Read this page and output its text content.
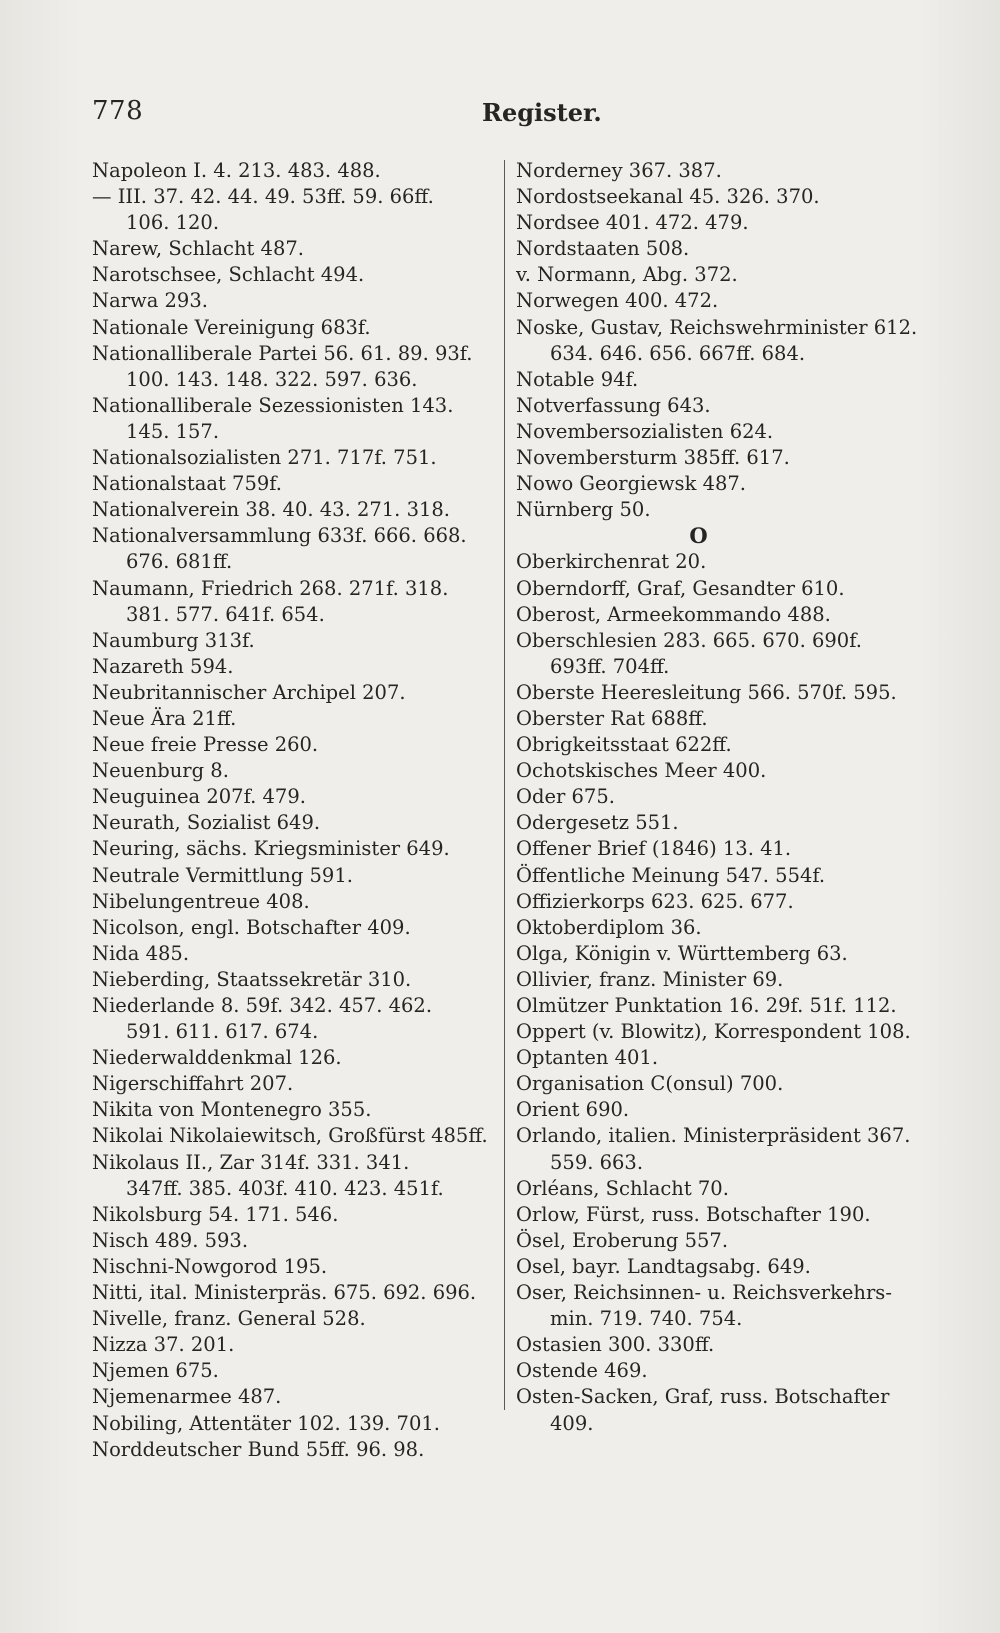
778	Register.
Napoleon I. 4. 213. 483. 488.
— III. 37. 42. 44. 49. 53ff. 59. 66ff.
106. 120.
Narew, Schlacht 487.
Narotschsee, Schlacht 494.
Narwa 293.
Nationale Vereinigung 683f.
Nationalliberale Partei 56. 61. 89. 93f.
100. 143. 148. 322. 597. 636.
Nationalliberale Sezessionisten 143.
145. 157.
Nationalsozialisten 271. 717f. 751.
Nationalstaat 759f.
Nationalverein 38. 40. 43. 271. 318.
Nationalversammlung 633f. 666. 668.
676. 681ff.
Naumann, Friedrich 268. 271f. 318.
381. 577. 641f. 654.
Naumburg 313f.
Nazareth 594.
Neubritannischer Archipel 207.
Neue Ära 21ff.
Neue freie Presse 260.
Neuenburg 8.
Neuguinea 207f. 479.
Neurath, Sozialist 649.
Neuring, sächs. Kriegsminister 649.
Neutrale Vermittlung 591.
Nibelungentreue 408.
Nicolson, engl. Botschafter 409.
Nida 485.
Nieberding, Staatssekretär 310.
Niederlande 8. 59f. 342. 457. 462.
591. 611. 617. 674.
Niederwalddenkmal 126.
Nigerschiffahrt 207.
Nikita von Montenegro 355.
Nikolai Nikolaiewitsch, Großfürst 485ff.
Nikolaus II., Zar 314f. 331. 341.
347ff. 385. 403f. 410. 423. 451f.
Nikolsburg 54. 171. 546.
Nisch 489. 593.
Nischni-Nowgorod 195.
Nitti, ital. Ministerpräs. 675. 692. 696.
Nivelle, franz. General 528.
Nizza 37. 201.
Njemen 675.
Njemenarmee 487.
Nobiling, Attentäter 102. 139. 701.
Norddeutscher Bund 55ff. 96. 98.
Norderney 367. 387.
Nordostseekanal 45. 326. 370.
Nordsee 401. 472. 479.
Nordstaaten 508.
v. Normann, Abg. 372.
Norwegen 400. 472.
Noske, Gustav, Reichswehrminister 612.
634. 646. 656. 667ff. 684.
Notable 94f.
Notverfassung 643.
Novembersozialisten 624.
Novembersturm 385ff. 617.
Nowo Georgiewsk 487.
Nürnberg 50.
O
Oberkirchenrat 20.
Oberndorff, Graf, Gesandter 610.
Oberost, Armeekommando 488.
Oberschlesien 283. 665. 670. 690f.
693ff. 704ff.
Oberste Heeresleitung 566. 570f. 595.
Oberster Rat 688ff.
Obrigkeitsstaat 622ff.
Ochotskisches Meer 400.
Oder 675.
Odergesetz 551.
Offener Brief (1846) 13. 41.
Öffentliche Meinung 547. 554f.
Offizierkorps 623. 625. 677.
Oktoberdiplom 36.
Olga, Königin v. Württemberg 63.
Ollivier, franz. Minister 69.
Olmützer Punktation 16. 29f. 51f. 112.
Oppert (v. Blowitz), Korrespondent 108.
Optanten 401.
Organisation C(onsul) 700.
Orient 690.
Orlando, italien. Ministerpräsident 367.
559. 663.
Orléans, Schlacht 70.
Orlow, Fürst, russ. Botschafter 190.
Ösel, Eroberung 557.
Osel, bayr. Landtagsabg. 649.
Oser, Reichsinnen- u. Reichsverkehrs-
min. 719. 740. 754.
Ostasien 300. 330ff.
Ostende 469.
Osten-Sacken, Graf, russ. Botschafter
409.
